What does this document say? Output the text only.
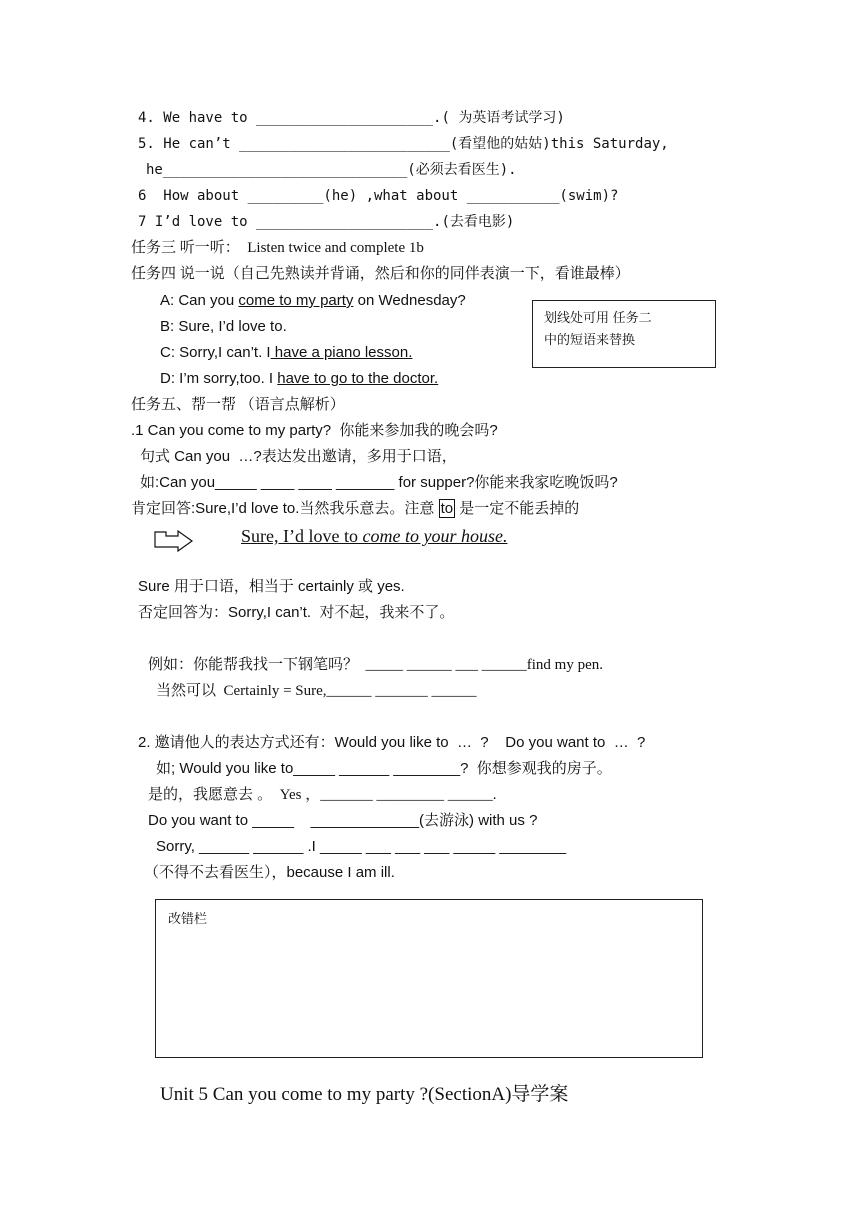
4. We have to _____________________.( 为英语考试学习)
5. He can’t _________________________(看望他的姑姑)this Saturday,
he_____________________________(必须去看医生).
6  How about _________(he) ,what about ___________(swim)?
7 I’d love to _____________________.(去看电影)
任务三 听一听： Listen twice and complete 1b
任务四 说一说（自己先熟读并背诵，然后和你的同伴表演一下，看谁最棒）
A: Can you come to my party on Wednesday?
B: Sure, I’d love to.
C: Sorry,I can’t. I have a piano lesson.
D: I’m sorry,too. I have to go to the doctor.
划线处可用 任务二
中的短语来替换
任务五、帮一帮 （语言点解析）
.1 Can you come to my party?  你能来参加我的晚会吗?
句式 Can you  …?表达发出邀请，多用于口语，
如:Can you_____ ____ ____ _______ for supper?你能来我家吃晚饭吗?
肯定回答:Sure,I’d love to.当然我乐意去。注意 to 是一定不能丢掉的
Sure, I’d love to come to your house.
Sure 用于口语，相当于 certainly 或 yes.
否定回答为：Sorry,I can’t.  对不起，我来不了。
例如：你能帮我找一下钢笔吗？ _____ ______ ___ ______find my pen.
当然可以 Certainly = Sure,______ _______ ______
2. 邀请他人的表达方式还有：Would you like to  …  ?    Do you want to  …  ?
如; Would you like to_____ ______ ________?  你想参观我的房子。
是的，我愿意去 。 Yes ，_______ _________ ______.
Do you want to _____    _____________(去游泳) with us ?
Sorry, ______ ______ .I _____ ___ ___ ___ _____ ________
（不得不去看医生），because I am ill.
改错栏
Unit 5 Can you come to my party ?(SectionA)导学案
